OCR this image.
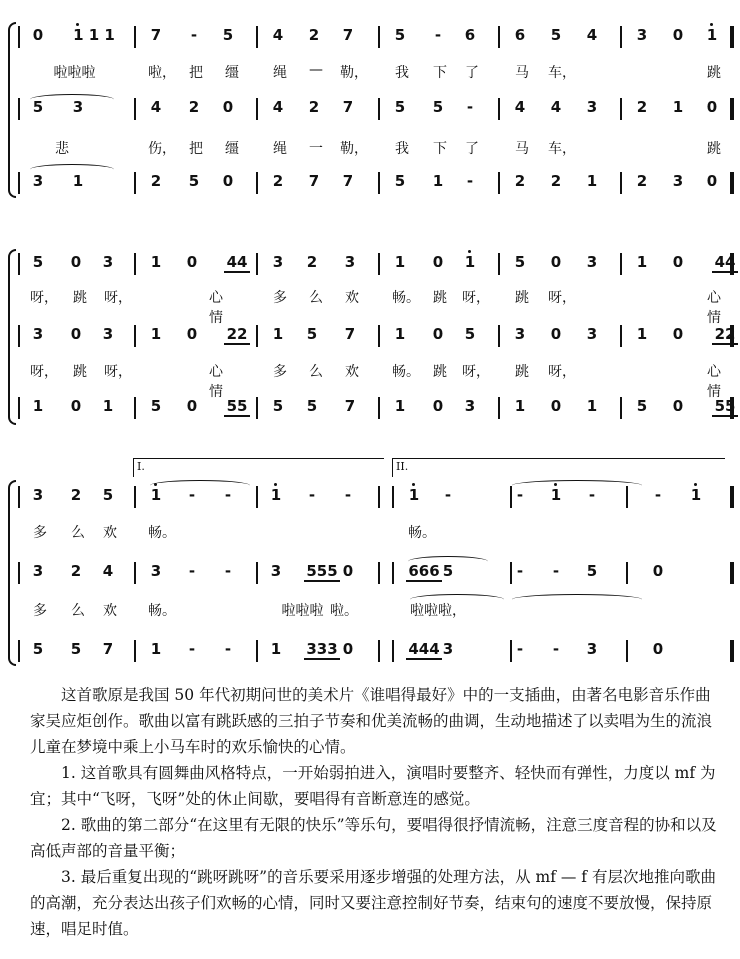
0 1 1 1 7	-	5	4 2 7	5	-	6	6 5 4	3 0 1
啦啦啦	啦， 把 缰 绳 — 勒， 我 下 了	马 车，	跳
5 3	4 2 0	4 2 7	5 5	-	4 4 3	2 1 0
悲	伤， 把 缰 绳 一 勒， 我 下 了	马 车，	跳
3 1	2 5 0	2 7 7	5 1	-	2 2 1	2 3 0
5 0 3	1 0 44 3 2 3	1 0 1	5 0 3	1 0 44
呀， 跳 呀，	心情
多 么 欢 畅。 跳 呀， 跳 呀，	心情
3 0 3	1 0 22 1 5 7	1 0 5	3 0 3	1 0 22
呀， 跳 呀，	心情
多 么 欢 畅。 跳 呀， 跳 呀，	心情
1 0 1	5 0 55 5 5 7	1 0 3	1 0 1	5 0 55
I.	II.
3 2 5	1	-	-	1	-	-	1	-	-	1	-	-	1
多 么 欢 畅。	畅。
3 2 4	3	-	-	3 555 0	666 5	-	-	5	0
多 么 欢 畅。	啦啦啦，
啦啦啦 啦。
5 5 7	1	-	-	1 333 0	444 3	-	-	3	0

这首歌原是我国 50 年代初期问世的美术片《谁唱得最好》中的一支插曲，由著名电影音乐作曲家吴应炬创作。歌曲以富有跳跃感的三拍子节奏和优美流畅的曲调，生动地描述了以卖唱为生的流浪儿童在梦境中乘上小马车时的欢乐愉快的心情。

1. 这首歌具有圆舞曲风格特点，一开始弱拍进入，演唱时要整齐、轻快而有弹性，力度以 mf 为宜；其中“飞呀，飞呀”处的休止间歇，要唱得有音断意连的感觉。

2. 歌曲的第二部分“在这里有无限的快乐”等乐句，要唱得很抒情流畅，注意三度音程的协和以及高低声部的音量平衡；

3. 最后重复出现的“跳呀跳呀”的音乐要采用逐步增强的处理方法，从 mf — f 有层次地推向歌曲的高潮，充分表达出孩子们欢畅的心情，同时又要注意控制好节奏，结束句的速度不要放慢，保持原速，唱足时值。
